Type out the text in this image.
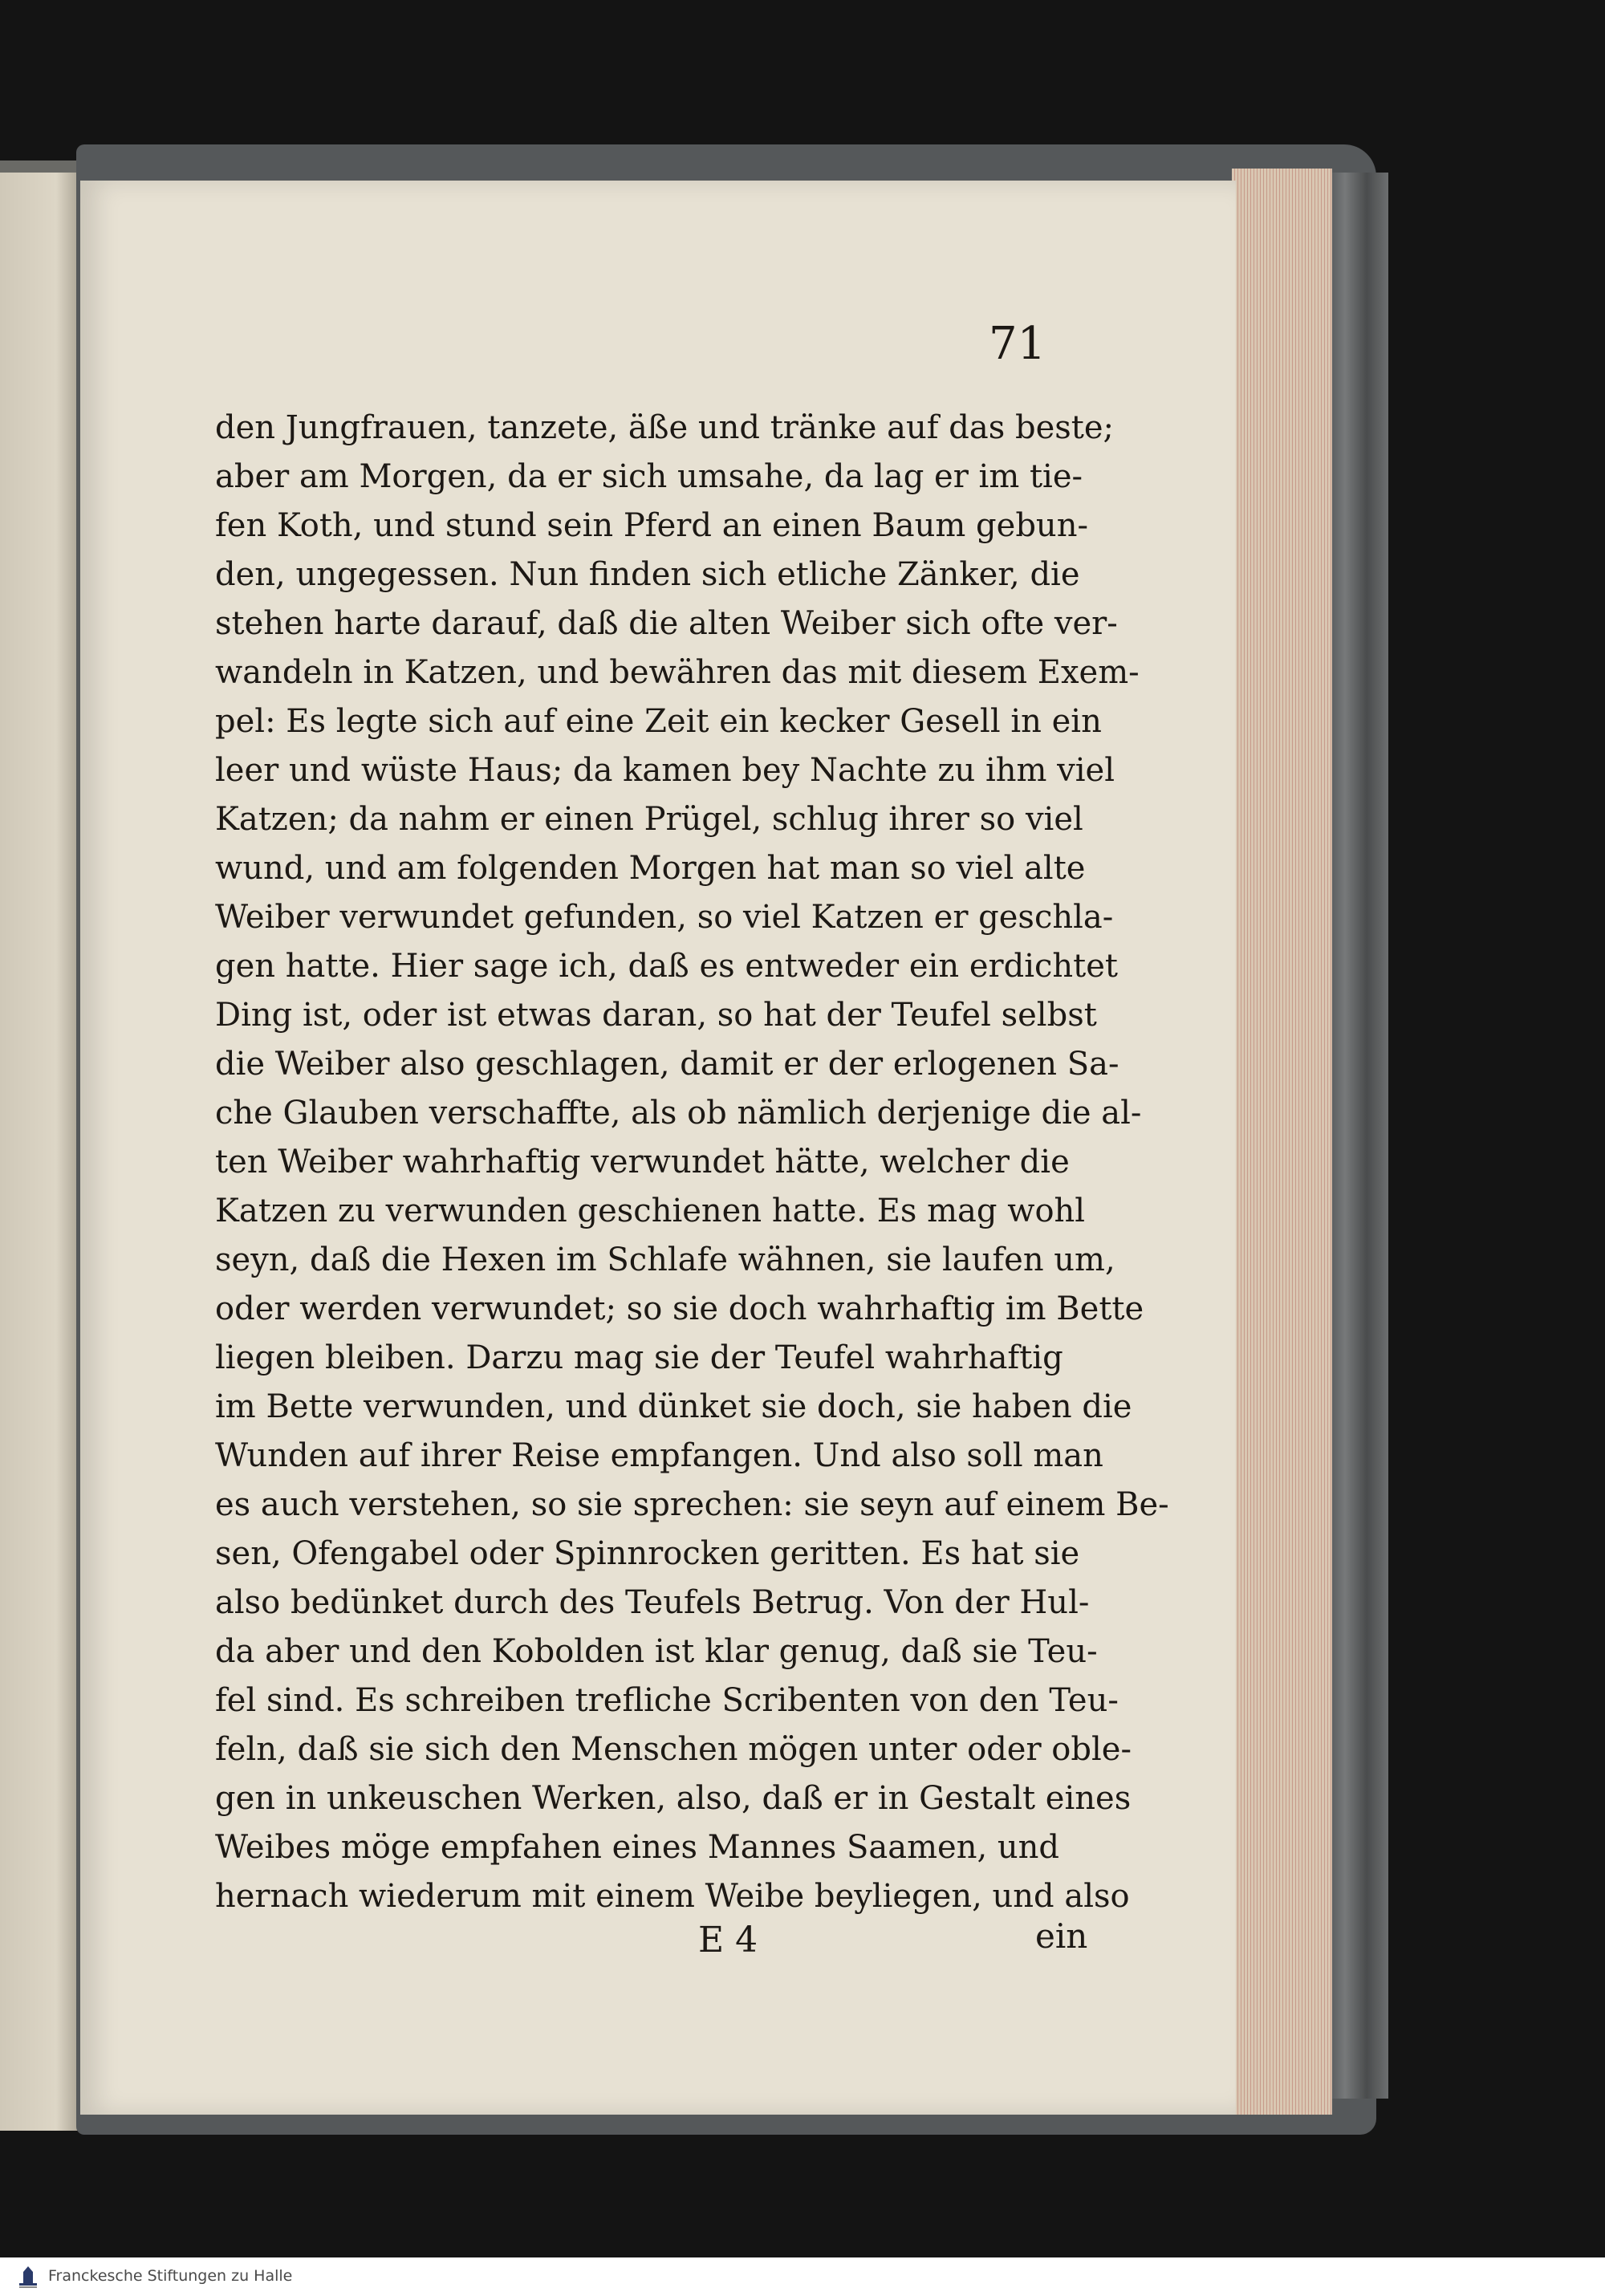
71
den Jungfrauen, tanzete, äße und tränke auf das beste;
aber am Morgen, da er sich umsahe, da lag er im tie-
fen Koth, und stund sein Pferd an einen Baum gebun-
den, ungegessen. Nun finden sich etliche Zänker, die
stehen harte darauf, daß die alten Weiber sich ofte ver-
wandeln in Katzen, und bewähren das mit diesem Exem-
pel: Es legte sich auf eine Zeit ein kecker Gesell in ein
leer und wüste Haus; da kamen bey Nachte zu ihm viel
Katzen; da nahm er einen Prügel, schlug ihrer so viel
wund, und am folgenden Morgen hat man so viel alte
Weiber verwundet gefunden, so viel Katzen er geschla-
gen hatte. Hier sage ich, daß es entweder ein erdichtet
Ding ist, oder ist etwas daran, so hat der Teufel selbst
die Weiber also geschlagen, damit er der erlogenen Sa-
che Glauben verschaffte, als ob nämlich derjenige die al-
ten Weiber wahrhaftig verwundet hätte, welcher die
Katzen zu verwunden geschienen hatte. Es mag wohl
seyn, daß die Hexen im Schlafe wähnen, sie laufen um,
oder werden verwundet; so sie doch wahrhaftig im Bette
liegen bleiben. Darzu mag sie der Teufel wahrhaftig
im Bette verwunden, und dünket sie doch, sie haben die
Wunden auf ihrer Reise empfangen. Und also soll man
es auch verstehen, so sie sprechen: sie seyn auf einem Be-
sen, Ofengabel oder Spinnrocken geritten. Es hat sie
also bedünket durch des Teufels Betrug. Von der Hul-
da aber und den Kobolden ist klar genug, daß sie Teu-
fel sind. Es schreiben trefliche Scribenten von den Teu-
feln, daß sie sich den Menschen mögen unter oder oble-
gen in unkeuschen Werken, also, daß er in Gestalt eines
Weibes möge empfahen eines Mannes Saamen, und
hernach wiederum mit einem Weibe beyliegen, und also
E 4	ein
Franckesche Stiftungen zu Halle
